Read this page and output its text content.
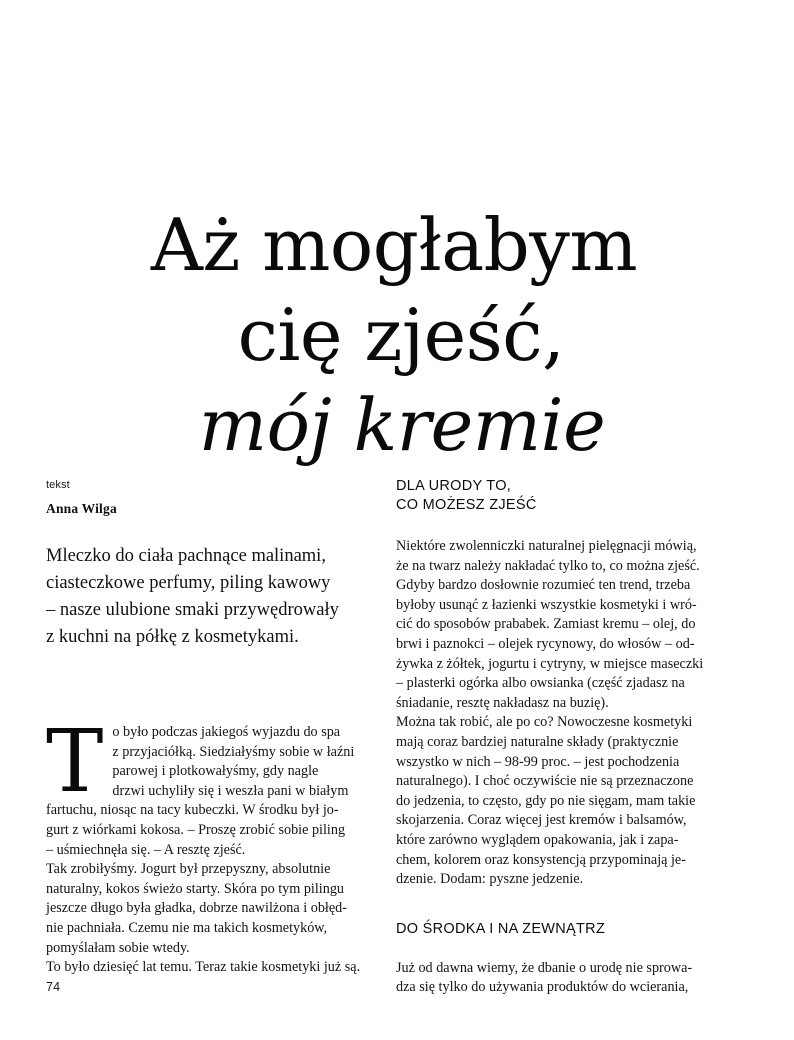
Aż mogłabym
cię zjeść,
mój kremie

tekst

Anna Wilga

Mleczko do ciała pachnące malinami,
ciasteczkowe perfumy, piling kawowy
– nasze ulubione smaki przywędrowały
z kuchni na półkę z kosmetykami.

T o było podczas jakiegoś wyjazdu do spa
z przyjaciółką. Siedziałyśmy sobie w łaźni
parowej i plotkowałyśmy, gdy nagle
drzwi uchyliły się i weszła pani w białym
fartuchu, niosąc na tacy kubeczki. W środku był jo-
gurt z wiórkami kokosa. – Proszę zrobić sobie piling
– uśmiechnęła się. – A resztę zjeść.
Tak zrobiłyśmy. Jogurt był przepyszny, absolutnie
naturalny, kokos świeżo starty. Skóra po tym pilingu
jeszcze długo była gładka, dobrze nawilżona i obłęd-
nie pachniała. Czemu nie ma takich kosmetyków,
pomyślałam sobie wtedy.
To było dziesięć lat temu. Teraz takie kosmetyki już są.
DLA URODY TO,
CO MOŻESZ ZJEŚĆ
Niektóre zwolenniczki naturalnej pielęgnacji mówią,
że na twarz należy nakładać tylko to, co można zjeść.
Gdyby bardzo dosłownie rozumieć ten trend, trzeba
byłoby usunąć z łazienki wszystkie kosmetyki i wró-
cić do sposobów prababek. Zamiast kremu – olej, do
brwi i paznokci – olejek rycynowy, do włosów – od-
żywka z żółtek, jogurtu i cytryny, w miejsce maseczki
– plasterki ogórka albo owsianka (część zjadasz na
śniadanie, resztę nakładasz na buzię).
Można tak robić, ale po co? Nowoczesne kosmetyki
mają coraz bardziej naturalne składy (praktycznie
wszystko w nich – 98-99 proc. – jest pochodzenia
naturalnego). I choć oczywiście nie są przeznaczone
do jedzenia, to często, gdy po nie sięgam, mam takie
skojarzenia. Coraz więcej jest kremów i balsamów,
które zarówno wyglądem opakowania, jak i zapa-
chem, kolorem oraz konsystencją przypominają je-
dzenie. Dodam: pyszne jedzenie.
DO ŚRODKA I NA ZEWNĄTRZ
Już od dawna wiemy, że dbanie o urodę nie sprowa-
dza się tylko do używania produktów do wcierania,
74
